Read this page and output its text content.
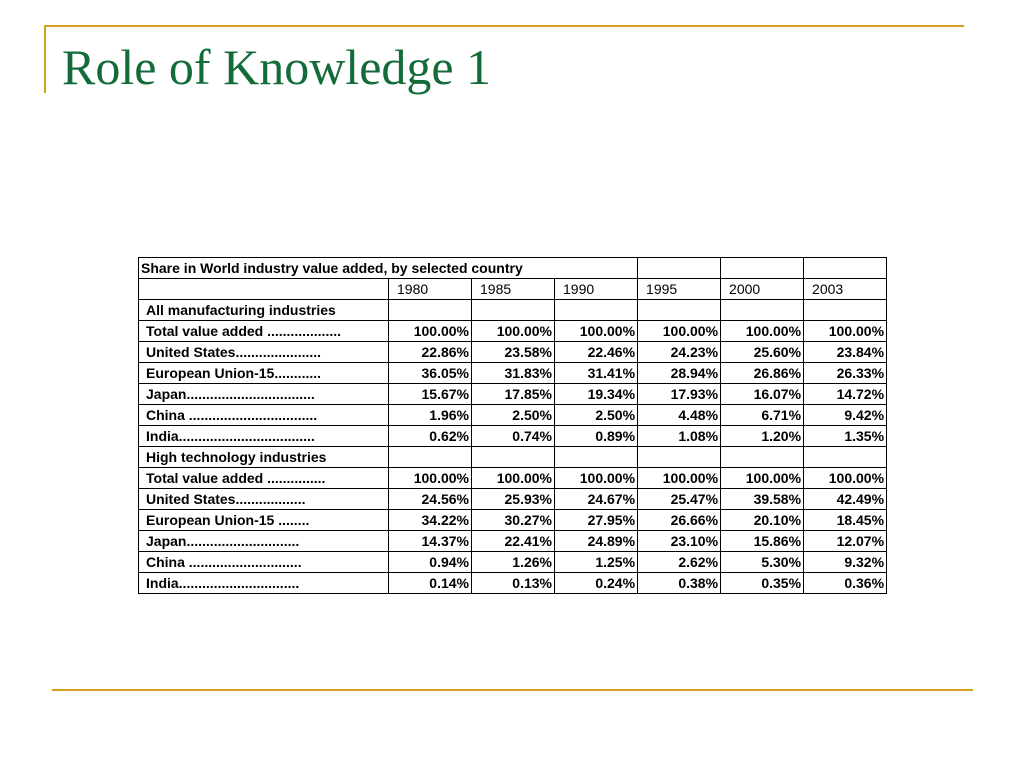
Role of Knowledge 1
Share in World industry value added, by selected country						
	1980	1985	1990	1995	2000	2003
All manufacturing industries						
Total value added ...................	100.00%	100.00%	100.00%	100.00%	100.00%	100.00%
United States......................	22.86%	23.58%	22.46%	24.23%	25.60%	23.84%
European Union-15............	36.05%	31.83%	31.41%	28.94%	26.86%	26.33%
Japan.................................	15.67%	17.85%	19.34%	17.93%	16.07%	14.72%
China .................................	1.96%	2.50%	2.50%	4.48%	6.71%	9.42%
India...................................	0.62%	0.74%	0.89%	1.08%	1.20%	1.35%
High technology industries						
Total value added ...............	100.00%	100.00%	100.00%	100.00%	100.00%	100.00%
United States..................	24.56%	25.93%	24.67%	25.47%	39.58%	42.49%
European Union-15 ........	34.22%	30.27%	27.95%	26.66%	20.10%	18.45%
Japan.............................	14.37%	22.41%	24.89%	23.10%	15.86%	12.07%
China .............................	0.94%	1.26%	1.25%	2.62%	5.30%	9.32%
India...............................	0.14%	0.13%	0.24%	0.38%	0.35%	0.36%
